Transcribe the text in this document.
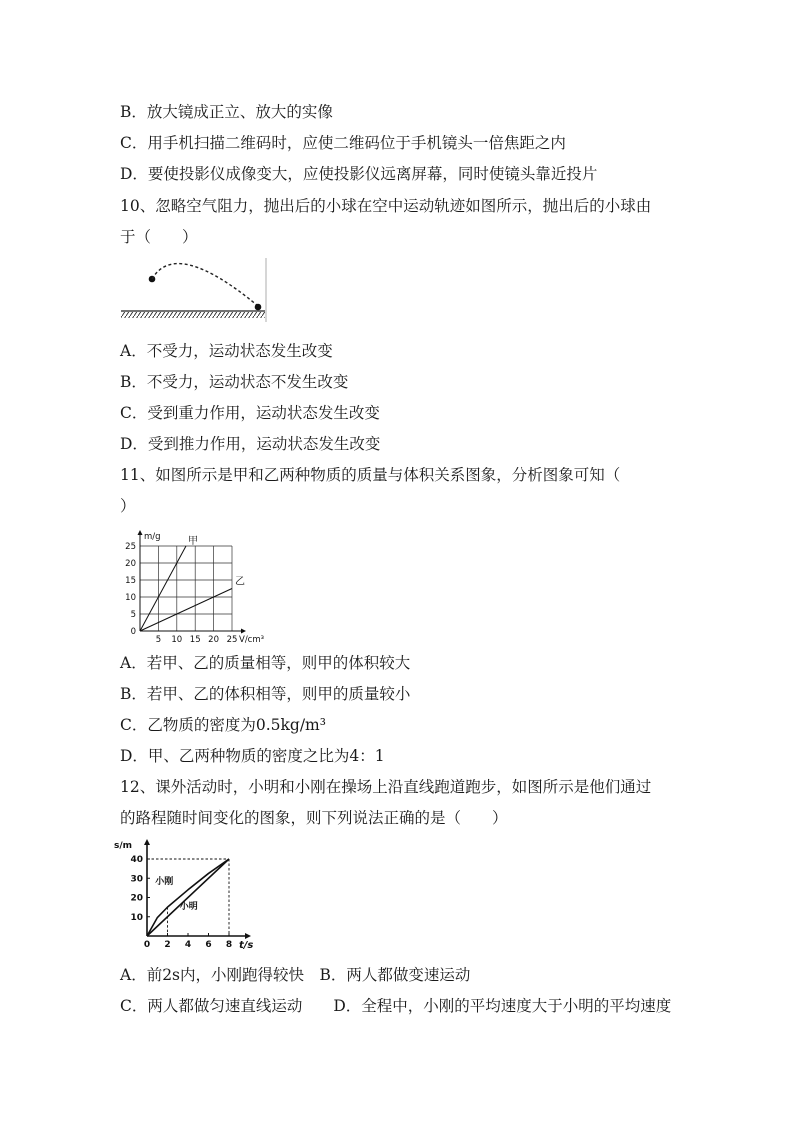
B．放大镜成正立、放大的实像
C．用手机扫描二维码时，应使二维码位于手机镜头一倍焦距之内
D．要使投影仪成像变大，应使投影仪远离屏幕，同时使镜头靠近投片
10、忽略空气阻力，抛出后的小球在空中运动轨迹如图所示，抛出后的小球由
于（　　）
A．不受力，运动状态发生改变
B．不受力，运动状态不发生改变
C．受到重力作用，运动状态发生改变
D．受到推力作用，运动状态发生改变
11、如图所示是甲和乙两种物质的质量与体积关系图象，分析图象可知（
）
5 10 15 20 25
0
5
10
15
20
25
m/g
V/cm³
甲
乙
A．若甲、乙的质量相等，则甲的体积较大
B．若甲、乙的体积相等，则甲的质量较小
C．乙物质的密度为0.5kg/m³
D．甲、乙两种物质的密度之比为4：1
12、课外活动时，小明和小刚在操场上沿直线跑道跑步，如图所示是他们通过
的路程随时间变化的图象，则下列说法正确的是（　　）
0 2 4 6 8
10
20
30
40
s/m
t/s
小刚
小明
A．前2s内，小刚跑得较快　B．两人都做变速运动
C．两人都做匀速直线运动　　D．全程中，小刚的平均速度大于小明的平均速度
